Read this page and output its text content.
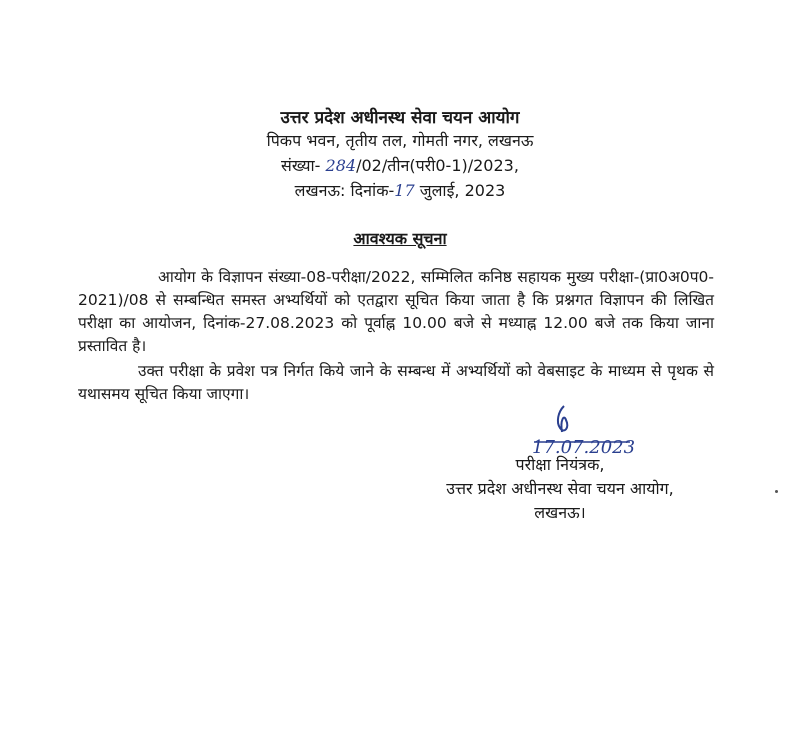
उत्तर प्रदेश अधीनस्थ सेवा चयन आयोग
पिकप भवन, तृतीय तल, गोमती नगर, लखनऊ
संख्या- 284/02/तीन(परी0-1)/2023,
लखनऊ: दिनांक-17 जुलाई, 2023
आवश्यक सूचना

आयोग के विज्ञापन संख्या-08-परीक्षा/2022, सम्मिलित कनिष्ठ सहायक मुख्य परीक्षा-(प्रा0अ0प0-2021)/08 से सम्बन्धित समस्त अभ्यर्थियों को एतद्वारा सूचित किया जाता है कि प्रश्नगत विज्ञापन की लिखित परीक्षा का आयोजन, दिनांक-27.08.2023 को पूर्वाह्न 10.00 बजे से मध्याह्न 12.00 बजे तक किया जाना प्रस्तावित है।

उक्त परीक्षा के प्रवेश पत्र निर्गत किये जाने के सम्बन्ध में अभ्यर्थियों को वेबसाइट के माध्यम से पृथक से यथासमय सूचित किया जाएगा।

17.07.2023
परीक्षा नियंत्रक,
उत्तर प्रदेश अधीनस्थ सेवा चयन आयोग,
लखनऊ।
